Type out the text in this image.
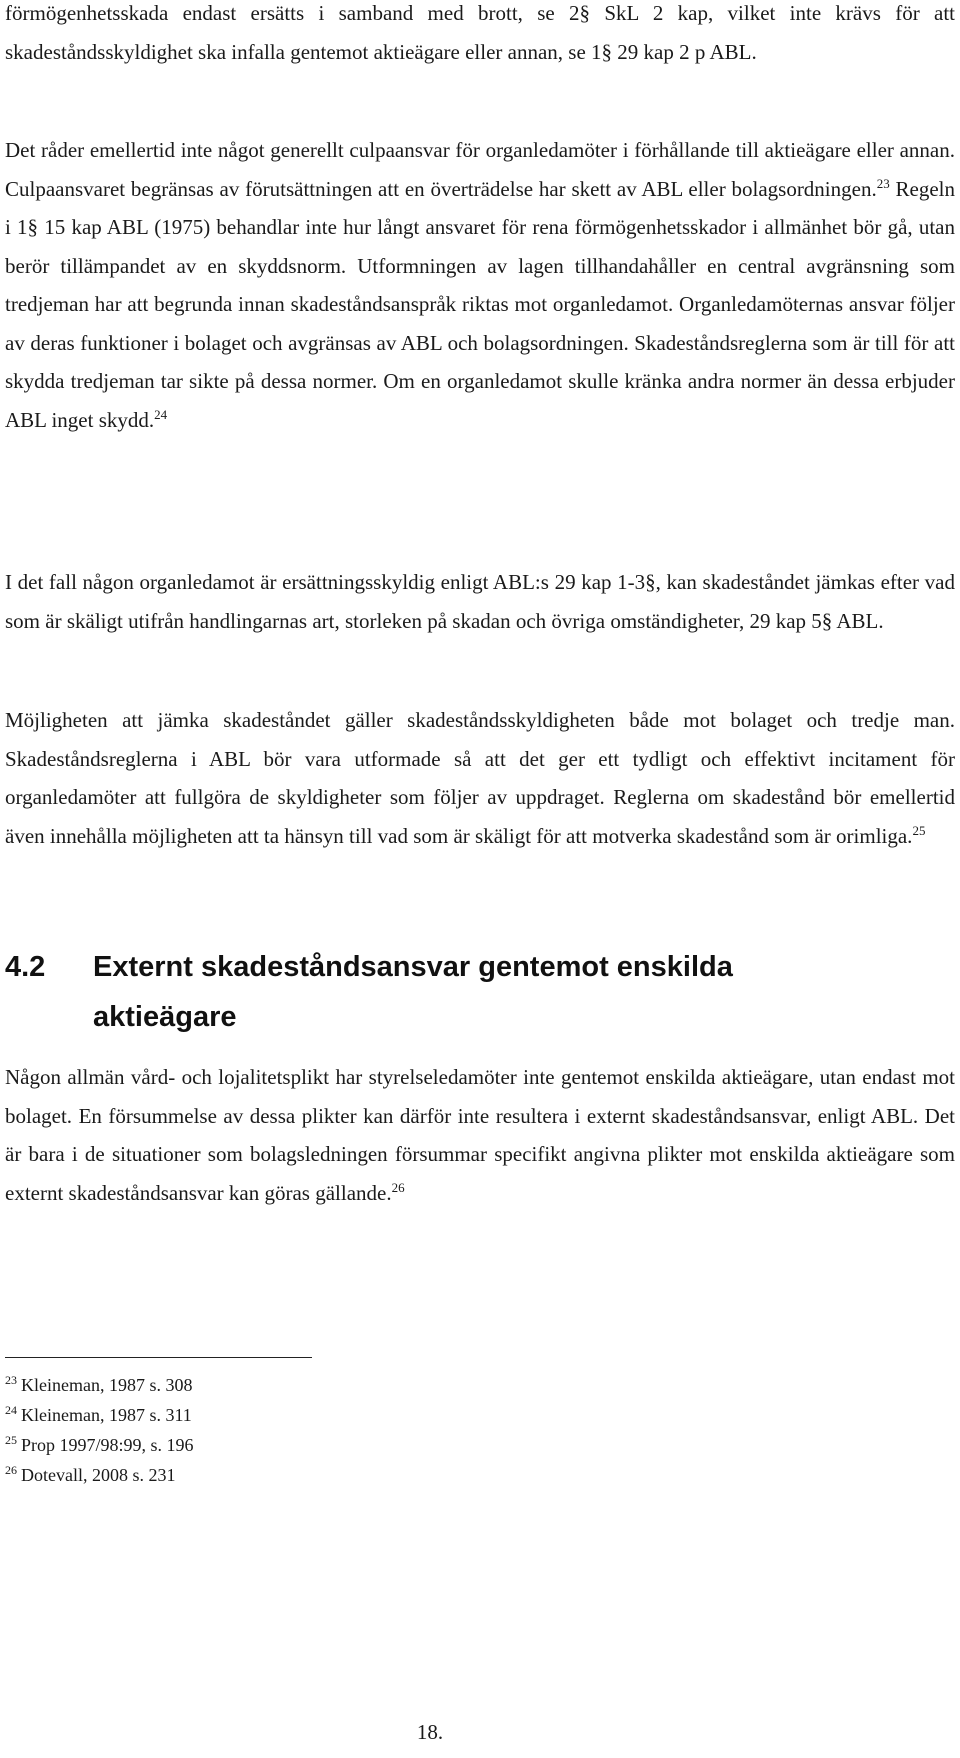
förmögenhetsskada endast ersätts i samband med brott, se 2§ SkL 2 kap, vilket inte krävs för att skadeståndsskyldighet ska infalla gentemot aktieägare eller annan, se 1§ 29 kap 2 p ABL.

Det råder emellertid inte något generellt culpaansvar för organledamöter i förhållande till aktieägare eller annan. Culpaansvaret begränsas av förutsättningen att en överträdelse har skett av ABL eller bolagsordningen.$^{23}$ Regeln i 1§ 15 kap ABL (1975) behandlar inte hur långt ansvaret för rena förmögenhetsskador i allmänhet bör gå, utan berör tillämpandet av en skyddsnorm. Utformningen av lagen tillhandahåller en central avgränsning som tredjeman har att begrunda innan skadeståndsanspråk riktas mot organledamot. Organledamöternas ansvar följer av deras funktioner i bolaget och avgränsas av ABL och bolagsordningen. Skadeståndsreglerna som är till för att skydda tredjeman tar sikte på dessa normer. Om en organledamot skulle kränka andra normer än dessa erbjuder ABL inget skydd.$^{24}$

I det fall någon organledamot är ersättningsskyldig enligt ABL:s 29 kap 1-3§, kan skadeståndet jämkas efter vad som är skäligt utifrån handlingarnas art, storleken på skadan och övriga omständigheter, 29 kap 5§ ABL.

Möjligheten att jämka skadeståndet gäller skadeståndsskyldigheten både mot bolaget och tredje man. Skadeståndsreglerna i ABL bör vara utformade så att det ger ett tydligt och effektivt incitament för organledamöter att fullgöra de skyldigheter som följer av uppdraget. Reglerna om skadestånd bör emellertid även innehålla möjligheten att ta hänsyn till vad som är skäligt för att motverka skadestånd som är orimliga.$^{25}$

4.2	Externt skadeståndsansvar gentemot enskilda
aktieägare

Någon allmän vård- och lojalitetsplikt har styrelseledamöter inte gentemot enskilda aktieägare, utan endast mot bolaget. En försummelse av dessa plikter kan därför inte resultera i externt skadeståndsansvar, enligt ABL. Det är bara i de situationer som bolagsledningen försummar specifikt angivna plikter mot enskilda aktieägare som externt skadeståndsansvar kan göras gällande.$^{26}$

$^{23}$ Kleineman, 1987 s. 308
$^{24}$ Kleineman, 1987 s. 311
$^{25}$ Prop 1997/98:99, s. 196
$^{26}$ Dotevall, 2008 s. 231
18.
